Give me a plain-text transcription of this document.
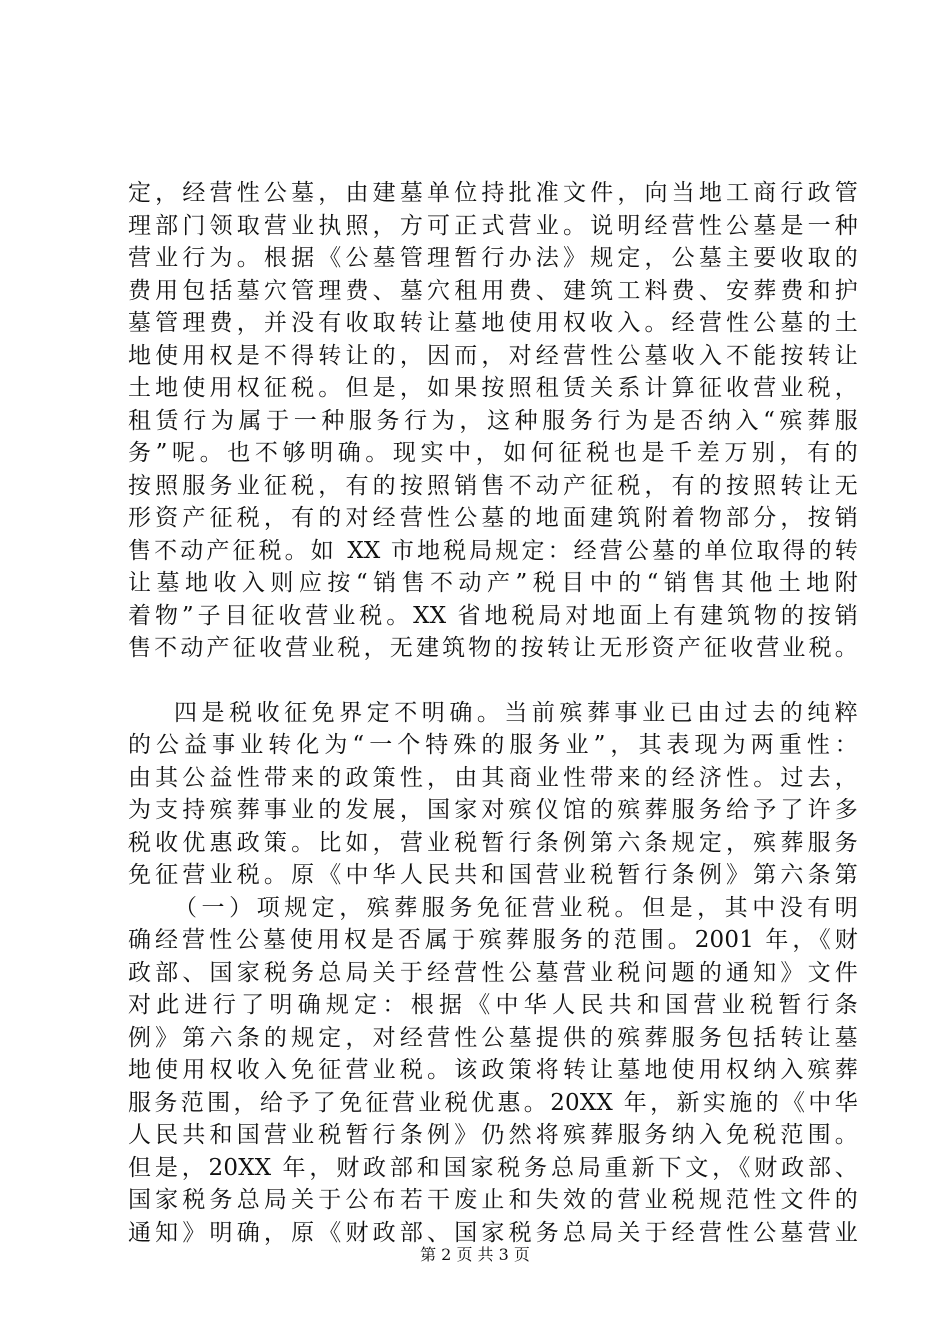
定，经营性公墓，由建墓单位持批准文件，向当地工商行政管
理部门领取营业执照，方可正式营业。说明经营性公墓是一种
营业行为。根据《公墓管理暂行办法》规定，公墓主要收取的
费用包括墓穴管理费、墓穴租用费、建筑工料费、安葬费和护
墓管理费，并没有收取转让墓地使用权收入。经营性公墓的土
地使用权是不得转让的，因而，对经营性公墓收入不能按转让
土地使用权征税。但是，如果按照租赁关系计算征收营业税，
租赁行为属于一种服务行为，这种服务行为是否纳入“殡葬服
务”呢。也不够明确。现实中，如何征税也是千差万别，有的
按照服务业征税，有的按照销售不动产征税，有的按照转让无
形资产征税，有的对经营性公墓的地面建筑附着物部分，按销
售不动产征税。如 XX 市地税局规定：经营公墓的单位取得的转
让墓地收入则应按“销售不动产”税目中的“销售其他土地附
着物”子目征收营业税。XX 省地税局对地面上有建筑物的按销
售不动产征收营业税，无建筑物的按转让无形资产征收营业税。
四是税收征免界定不明确。当前殡葬事业已由过去的纯粹
的公益事业转化为“一个特殊的服务业”，其表现为两重性：
由其公益性带来的政策性，由其商业性带来的经济性。过去，
为支持殡葬事业的发展，国家对殡仪馆的殡葬服务给予了许多
税收优惠政策。比如，营业税暂行条例第六条规定，殡葬服务
免征营业税。原《中华人民共和国营业税暂行条例》第六条第
（一）项规定，殡葬服务免征营业税。但是，其中没有明
确经营性公墓使用权是否属于殡葬服务的范围。2001 年，《财
政部、国家税务总局关于经营性公墓营业税问题的通知》文件
对此进行了明确规定：根据《中华人民共和国营业税暂行条
例》第六条的规定，对经营性公墓提供的殡葬服务包括转让墓
地使用权收入免征营业税。该政策将转让墓地使用权纳入殡葬
服务范围，给予了免征营业税优惠。20XX 年，新实施的《中华
人民共和国营业税暂行条例》仍然将殡葬服务纳入免税范围。
但是，20XX 年，财政部和国家税务总局重新下文，《财政部、
国家税务总局关于公布若干废止和失效的营业税规范性文件的
通知》明确，原《财政部、国家税务总局关于经营性公墓营业
第 2 页 共 3 页
